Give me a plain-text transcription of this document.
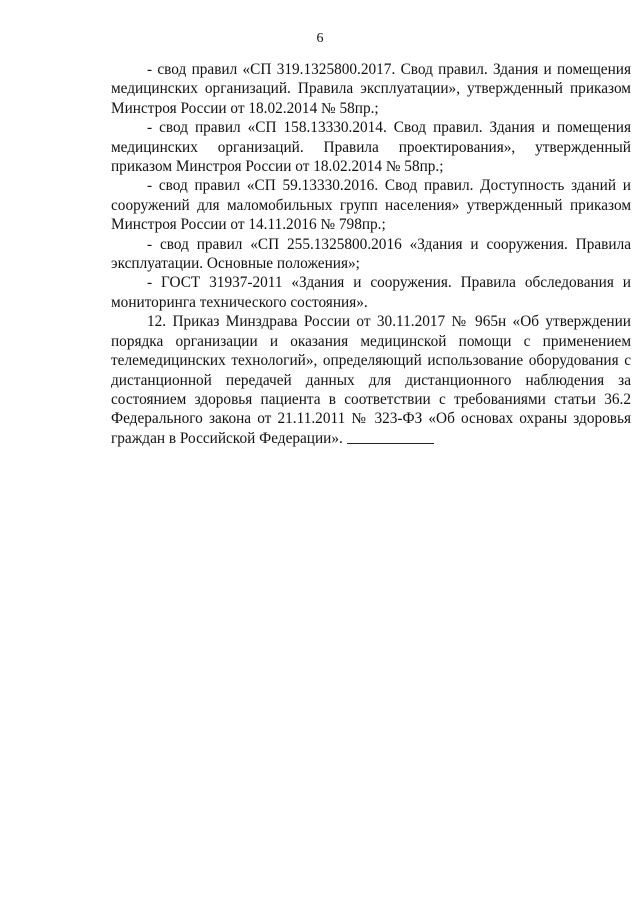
6

- свод правил «СП 319.1325800.2017. Свод правил. Здания и помещения медицинских организаций. Правила эксплуатации», утвержденный приказом Минстроя России от 18.02.2014 № 58пр.;

- свод правил «СП 158.13330.2014. Свод правил. Здания и помещения медицинских организаций. Правила проектирования», утвержденный приказом Минстроя России от 18.02.2014 № 58пр.;

- свод правил «СП 59.13330.2016. Свод правил. Доступность зданий и сооружений для маломобильных групп населения» утвержденный приказом Минстроя России от 14.11.2016 № 798пр.;

- свод правил «СП 255.1325800.2016 «Здания и сооружения. Правила эксплуатации. Основные положения»;

- ГОСТ 31937-2011 «Здания и сооружения. Правила обследования и мониторинга технического состояния».

12. Приказ Минздрава России от 30.11.2017 № 965н «Об утверждении порядка организации и оказания медицинской помощи с применением телемедицинских технологий», определяющий использование оборудования с дистанционной передачей данных для дистанционного наблюдения за состоянием здоровья пациента в соответствии с требованиями статьи 36.2 Федерального закона от 21.11.2011 № 323-ФЗ «Об основах охраны здоровья граждан в Российской Федерации».
